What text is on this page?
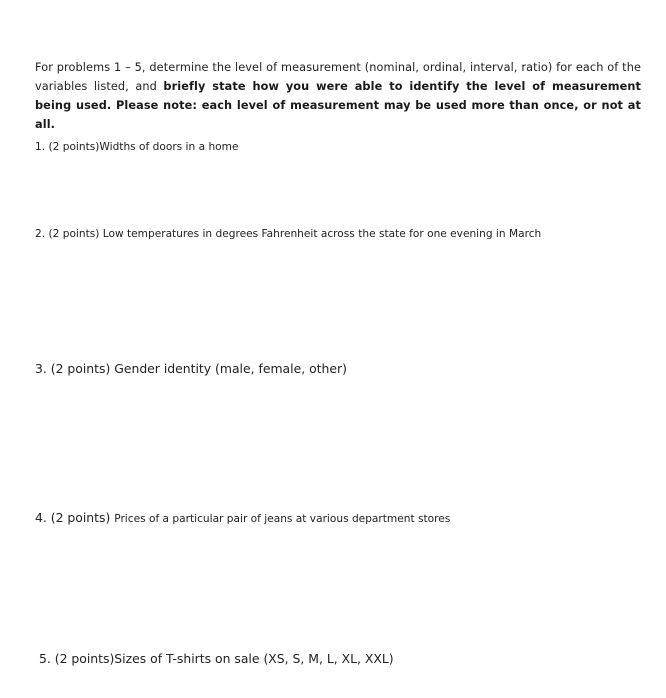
For problems 1 – 5, determine the level of measurement (nominal, ordinal, interval, ratio) for each of the variables listed, and briefly state how you were able to identify the level of measurement being used. Please note: each level of measurement may be used more than once, or not at all.
1. (2 points)Widths of doors in a home
2. (2 points) Low temperatures in degrees Fahrenheit across the state for one evening in March
3. (2 points) Gender identity (male, female, other)
4. (2 points) Prices of a particular pair of jeans at various department stores
5. (2 points)Sizes of T-shirts on sale (XS, S, M, L, XL, XXL)
